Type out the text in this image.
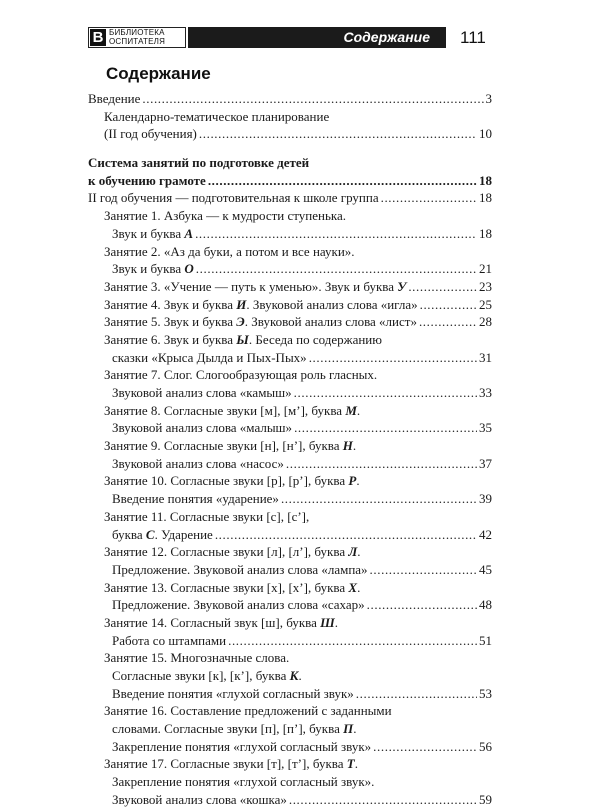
В БИБЛИОТЕКА
ОСПИТАТЕЛЯ	Содержание 111
Содержание
Введение .....	3
Календарно-тематическое планирование
(II год обучения) .....	10
Система занятий по подготовке детей
к обучению грамоте .....	18
II год обучения — подготовительная к школе группа .....	18
Занятие 1. Азбука — к мудрости ступенька.
Звук и буква А .....	18
Занятие 2. «Аз да буки, а потом и все науки».
Звук и буква О .....	21
Занятие 3. «Учение — путь к уменью». Звук и буква У .....	23
Занятие 4. Звук и буква И. Звуковой анализ слова «игла» .....	25
Занятие 5. Звук и буква Э. Звуковой анализ слова «лист» .....	28
Занятие 6. Звук и буква Ы. Беседа по содержанию
сказки «Крыса Дылда и Пых-Пых» .....	31
Занятие 7. Слог. Слогообразующая роль гласных.
Звуковой анализ слова «камыш» .....	33
Занятие 8. Согласные звуки [м], [м’], буква М.
Звуковой анализ слова «малыш» .....	35
Занятие 9. Согласные звуки [н], [н’], буква Н.
Звуковой анализ слова «насос» .....	37
Занятие 10. Согласные звуки [р], [р’], буква Р.
Введение понятия «ударение» .....	39
Занятие 11. Согласные звуки [с], [с’],
буква С. Ударение .....	42
Занятие 12. Согласные звуки [л], [л’], буква Л.
Предложение. Звуковой анализ слова «лампа» .....	45
Занятие 13. Согласные звуки [х], [х’], буква Х.
Предложение. Звуковой анализ слова «сахар» .....	48
Занятие 14. Согласный звук [ш], буква Ш.
Работа со штампами .....	51
Занятие 15. Многозначные слова.
Согласные звуки [к], [к’], буква К.
Введение понятия «глухой согласный звук» .....	53
Занятие 16. Составление предложений с заданными
словами. Согласные звуки [п], [п’], буква П.
Закрепление понятия «глухой согласный звук» .....	56
Занятие 17. Согласные звуки [т], [т’], буква Т.
Закрепление понятия «глухой согласный звук».
Звуковой анализ слова «кошка» .....	59
